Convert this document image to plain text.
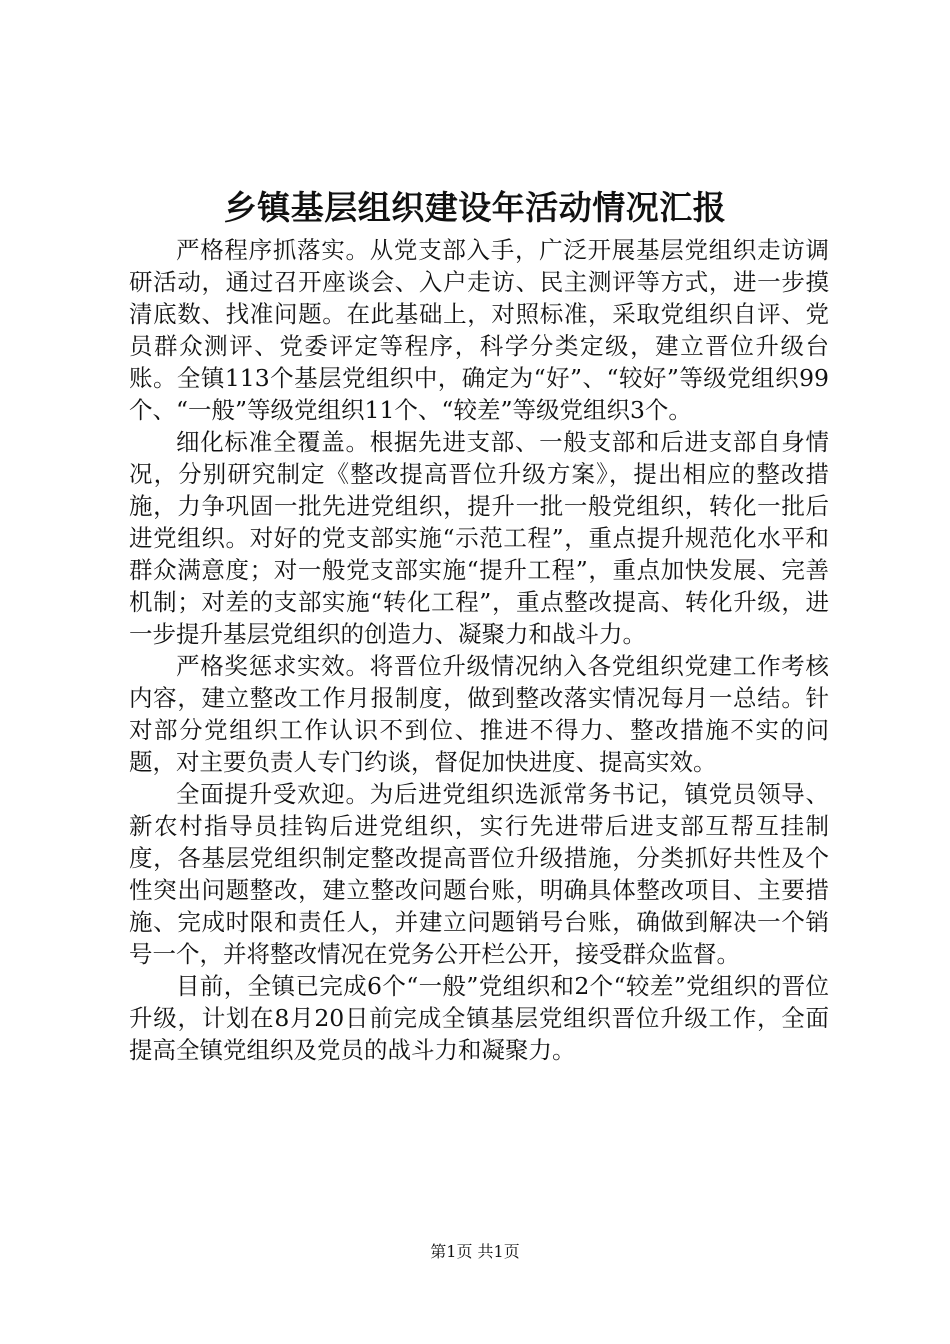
乡镇基层组织建设年活动情况汇报

严格程序抓落实。从党支部入手，广泛开展基层党组织走访调研活动，通过召开座谈会、入户走访、民主测评等方式，进一步摸清底数、找准问题。在此基础上，对照标准，采取党组织自评、党员群众测评、党委评定等程序，科学分类定级，建立晋位升级台账。全镇113个基层党组织中，确定为“好”、“较好”等级党组织99个、“一般”等级党组织11个、“较差”等级党组织3个。

细化标准全覆盖。根据先进支部、一般支部和后进支部自身情况，分别研究制定《整改提高晋位升级方案》，提出相应的整改措施，力争巩固一批先进党组织，提升一批一般党组织，转化一批后进党组织。对好的党支部实施“示范工程”，重点提升规范化水平和群众满意度；对一般党支部实施“提升工程”，重点加快发展、完善机制；对差的支部实施“转化工程”，重点整改提高、转化升级，进一步提升基层党组织的创造力、凝聚力和战斗力。

严格奖惩求实效。将晋位升级情况纳入各党组织党建工作考核内容，建立整改工作月报制度，做到整改落实情况每月一总结。针对部分党组织工作认识不到位、推进不得力、整改措施不实的问题，对主要负责人专门约谈，督促加快进度、提高实效。

全面提升受欢迎。为后进党组织选派常务书记，镇党员领导、新农村指导员挂钩后进党组织，实行先进带后进支部互帮互挂制度，各基层党组织制定整改提高晋位升级措施，分类抓好共性及个性突出问题整改，建立整改问题台账，明确具体整改项目、主要措施、完成时限和责任人，并建立问题销号台账，确做到解决一个销号一个，并将整改情况在党务公开栏公开，接受群众监督。

目前，全镇已完成6个“一般”党组织和2个“较差”党组织的晋位升级，计划在8月20日前完成全镇基层党组织晋位升级工作，全面提高全镇党组织及党员的战斗力和凝聚力。

第1页 共1页
